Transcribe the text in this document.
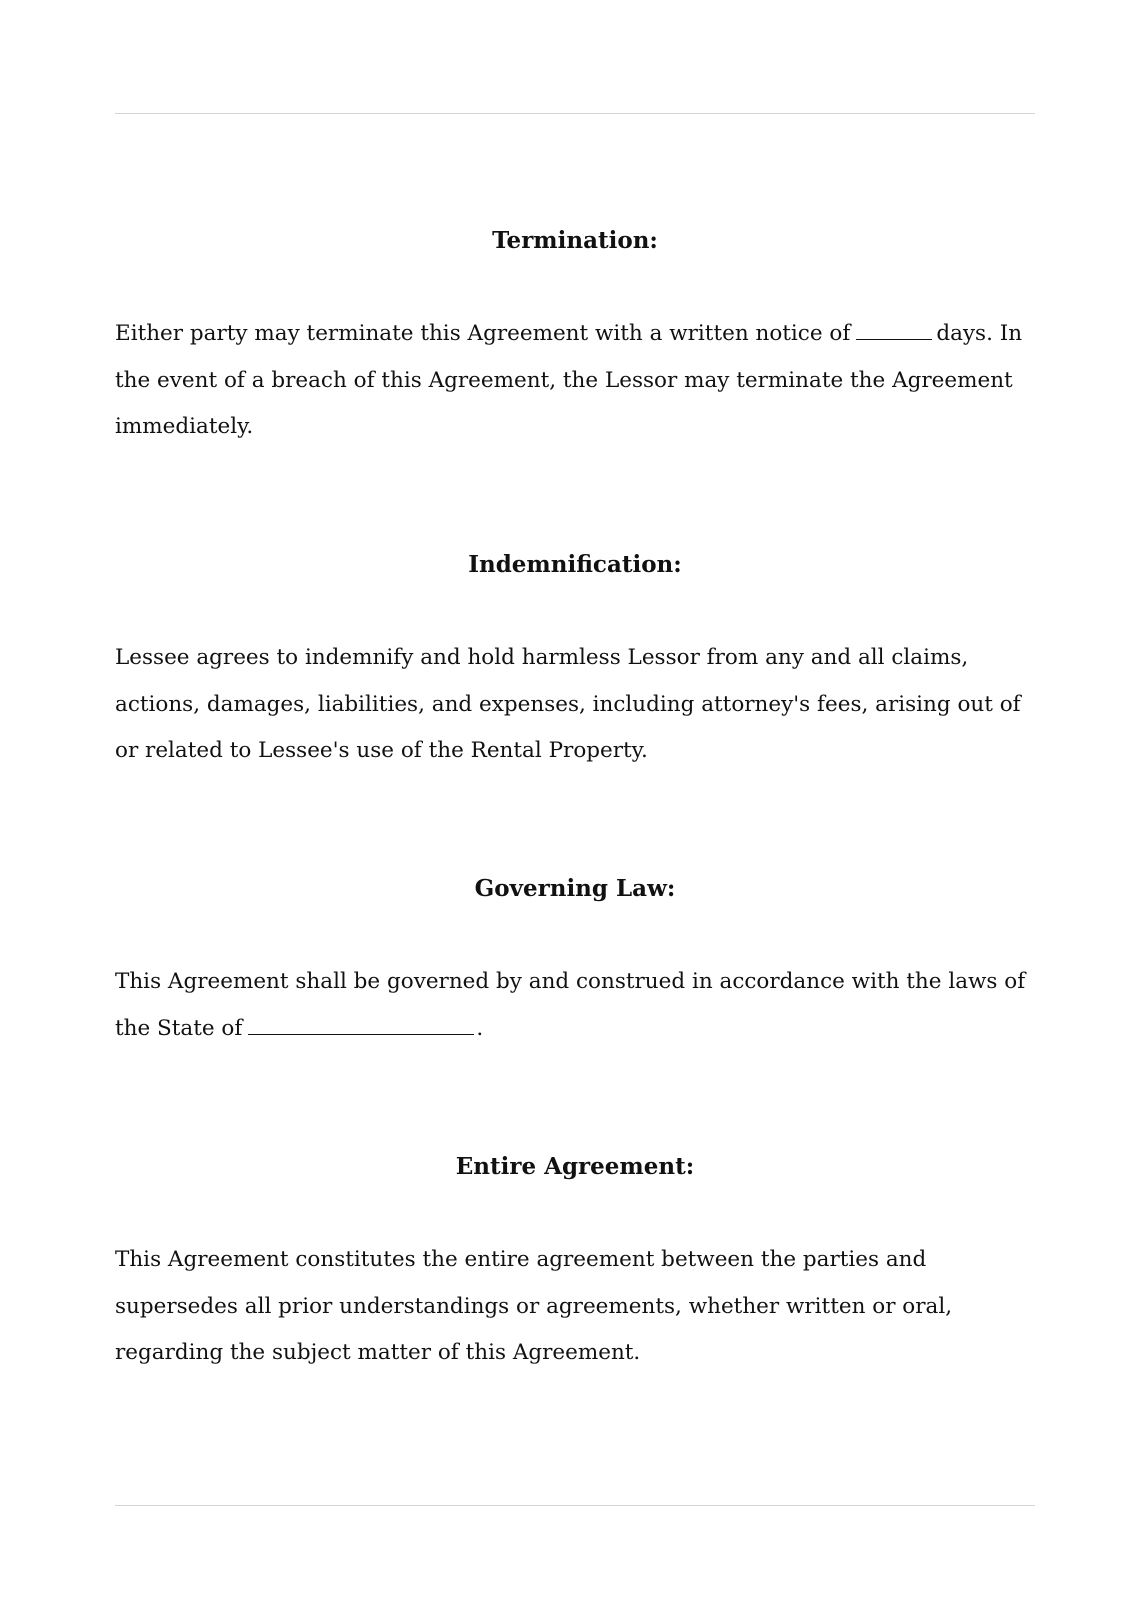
Termination:

Either party may terminate this Agreement with a written notice of	days. In the event of a breach of this Agreement, the Lessor may terminate the Agreement immediately.

Indemnification:

Lessee agrees to indemnify and hold harmless Lessor from any and all claims, actions, damages, liabilities, and expenses, including attorney's fees, arising out of or related to Lessee's use of the Rental Property.

Governing Law:

This Agreement shall be governed by and construed in accordance with the laws of the State of	.

Entire Agreement:

This Agreement constitutes the entire agreement between the parties and supersedes all prior understandings or agreements, whether written or oral, regarding the subject matter of this Agreement.
